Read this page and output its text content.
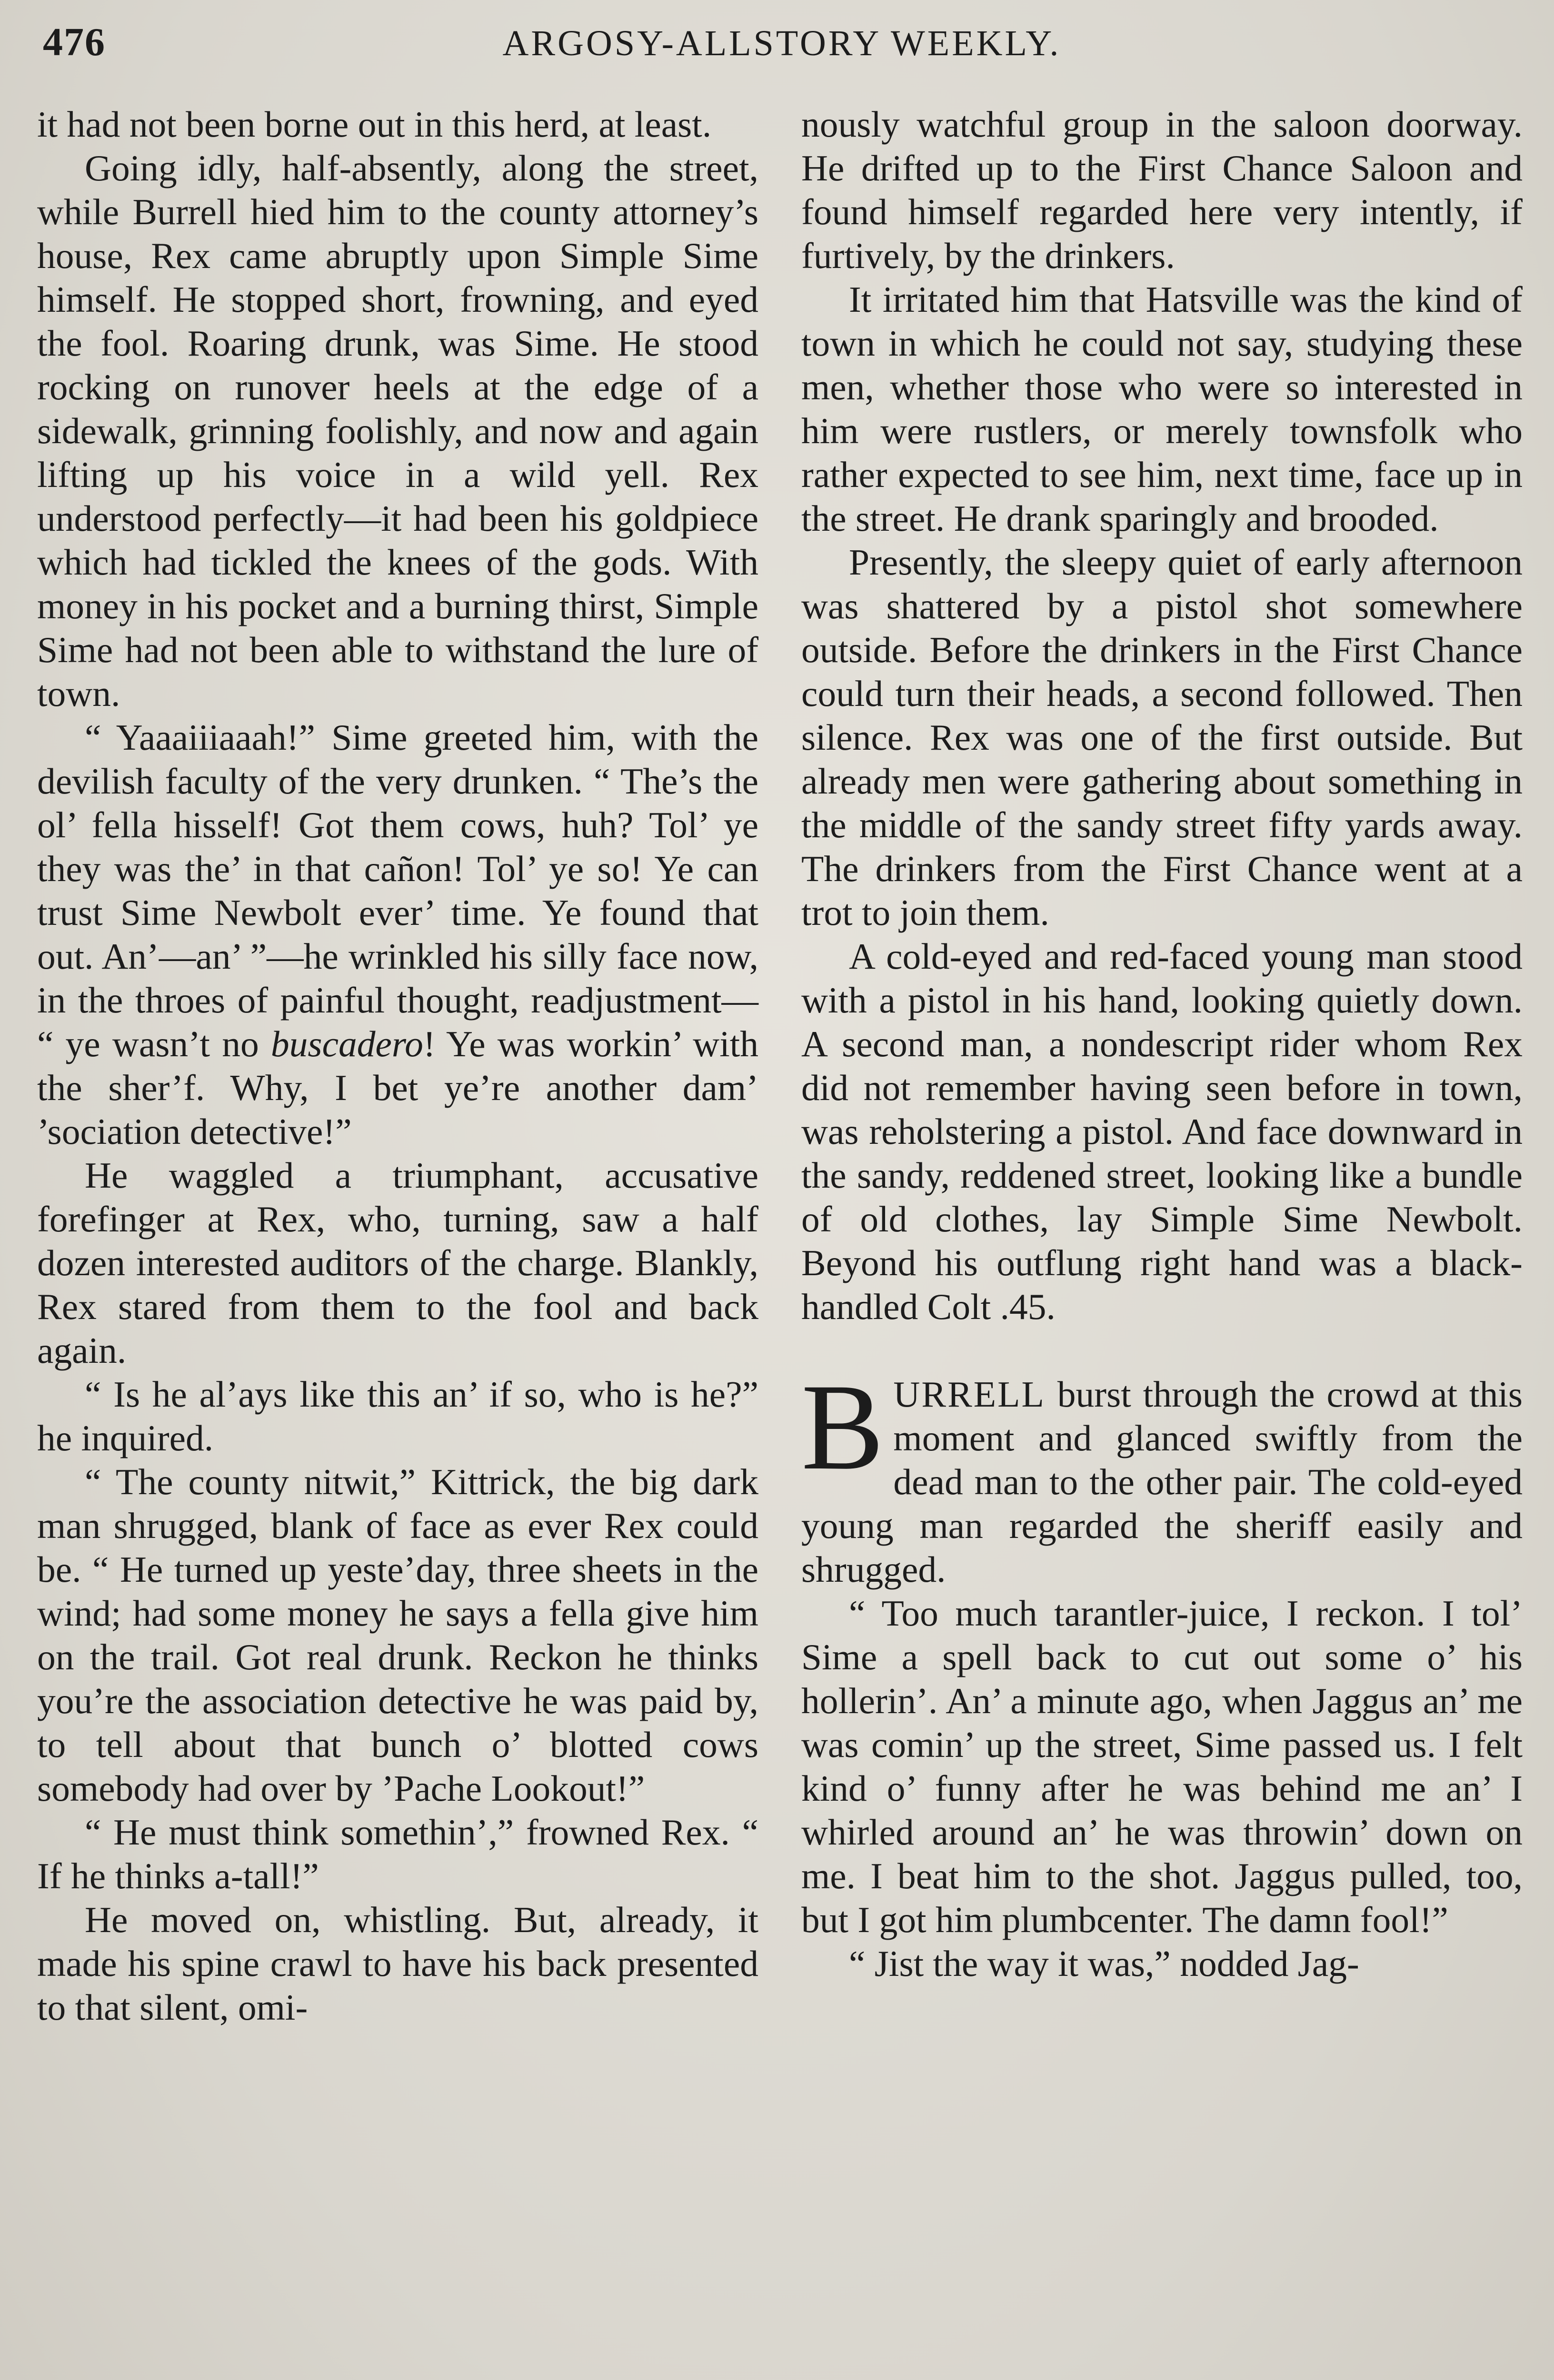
476	ARGOSY-ALLSTORY WEEKLY.

it had not been borne out in this herd, at least.

Going idly, half-absently, along the street, while Burrell hied him to the county attorney’s house, Rex came abruptly upon Simple Sime himself. He stopped short, frowning, and eyed the fool. Roaring drunk, was Sime. He stood rocking on runover heels at the edge of a sidewalk, grinning foolishly, and now and again lifting up his voice in a wild yell. Rex understood perfectly—it had been his goldpiece which had tickled the knees of the gods. With money in his pocket and a burning thirst, Simple Sime had not been able to withstand the lure of town.

“ Yaaaiiiaaah!” Sime greeted him, with the devilish faculty of the very drunken. “ The’s the ol’ fella hisself! Got them cows, huh? Tol’ ye they was the’ in that cañon! Tol’ ye so! Ye can trust Sime Newbolt ever’ time. Ye found that out. An’—an’ ”—he wrinkled his silly face now, in the throes of painful thought, readjustment— “ ye wasn’t no buscadero! Ye was workin’ with the sher’f. Why, I bet ye’re another dam’ ’sociation detective!”

He waggled a triumphant, accusative forefinger at Rex, who, turning, saw a half dozen interested auditors of the charge. Blankly, Rex stared from them to the fool and back again.

“ Is he al’ays like this an’ if so, who is he?” he inquired.

“ The county nitwit,” Kittrick, the big dark man shrugged, blank of face as ever Rex could be. “ He turned up yeste’day, three sheets in the wind; had some money he says a fella give him on the trail. Got real drunk. Reckon he thinks you’re the association detective he was paid by, to tell about that bunch o’ blotted cows somebody had over by ’Pache Lookout!”

“ He must think somethin’,” frowned Rex. “ If he thinks a-tall!”

He moved on, whistling. But, already, it made his spine crawl to have his back presented to that silent, omi-

nously watchful group in the saloon doorway. He drifted up to the First Chance Saloon and found himself regarded here very intently, if furtively, by the drinkers.

It irritated him that Hatsville was the kind of town in which he could not say, studying these men, whether those who were so interested in him were rustlers, or merely townsfolk who rather expected to see him, next time, face up in the street. He drank sparingly and brooded.

Presently, the sleepy quiet of early afternoon was shattered by a pistol shot somewhere outside. Before the drinkers in the First Chance could turn their heads, a second followed. Then silence. Rex was one of the first outside. But already men were gathering about something in the middle of the sandy street fifty yards away. The drinkers from the First Chance went at a trot to join them.

A cold-eyed and red-faced young man stood with a pistol in his hand, looking quietly down. A second man, a nondescript rider whom Rex did not remember having seen before in town, was reholstering a pistol. And face downward in the sandy, reddened street, looking like a bundle of old clothes, lay Simple Sime Newbolt. Beyond his outflung right hand was a black-handled Colt .45.

BURRELL burst through the crowd at this moment and glanced swiftly from the dead man to the other pair. The cold-eyed young man regarded the sheriff easily and shrugged.

“ Too much tarantler-juice, I reckon. I tol’ Sime a spell back to cut out some o’ his hollerin’. An’ a minute ago, when Jaggus an’ me was comin’ up the street, Sime passed us. I felt kind o’ funny after he was behind me an’ I whirled around an’ he was throwin’ down on me. I beat him to the shot. Jaggus pulled, too, but I got him plumbcenter. The damn fool!”

“ Jist the way it was,” nodded Jag-
